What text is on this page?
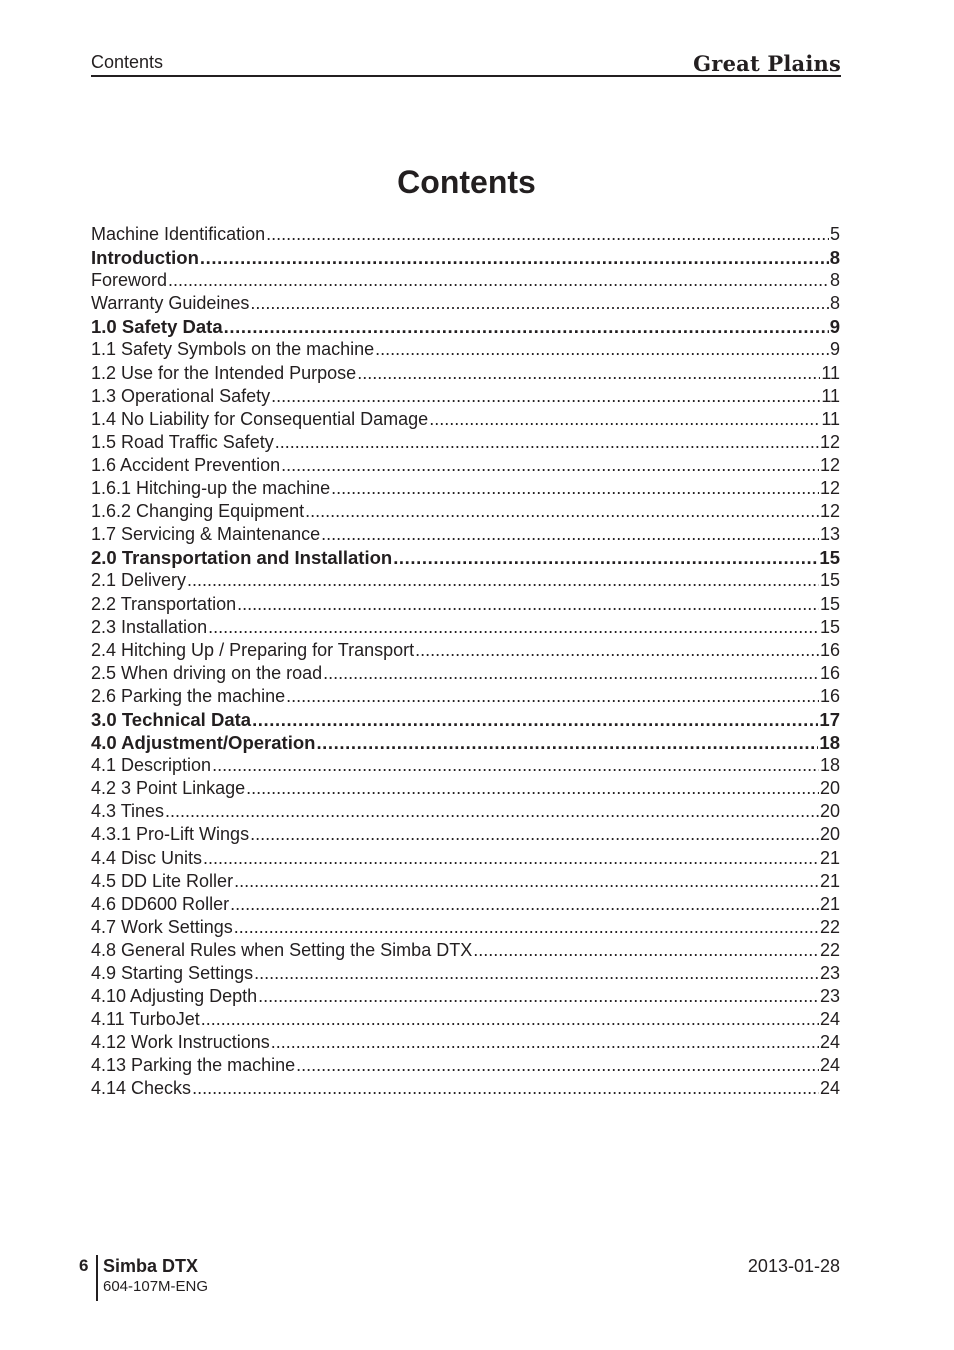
Contents	Great Plains
Contents
Machine Identification .....	5
Introduction .....	8
Foreword .....	8
Warranty Guideines .....	8
1.0 Safety Data .....	9
1.1 Safety Symbols on the machine .....	9
1.2 Use for the Intended Purpose .....	11
1.3 Operational Safety .....	11
1.4 No Liability for Consequential Damage .....	11
1.5 Road Traffic Safety .....	12
1.6 Accident Prevention .....	12
1.6.1 Hitching-up the machine .....	12
1.6.2 Changing Equipment .....	12
1.7 Servicing & Maintenance .....	13
2.0 Transportation and Installation .....	15
2.1 Delivery .....	15
2.2 Transportation .....	15
2.3 Installation .....	15
2.4 Hitching Up / Preparing for Transport .....	16
2.5 When driving on the road .....	16
2.6 Parking the machine .....	16
3.0 Technical Data .....	17
4.0 Adjustment/Operation .....	18
4.1 Description .....	18
4.2 3 Point Linkage .....	20
4.3 Tines .....	20
4.3.1 Pro-Lift Wings .....	20
4.4 Disc Units .....	21
4.5 DD Lite Roller .....	21
4.6 DD600 Roller .....	21
4.7 Work Settings .....	22
4.8 General Rules when Setting the Simba DTX .....	22
4.9 Starting Settings .....	23
4.10 Adjusting Depth .....	23
4.11 TurboJet .....	24
4.12 Work Instructions .....	24
4.13 Parking the machine .....	24
4.14 Checks .....	24
6 Simba DTX
604-107M-ENG
2013-01-28
